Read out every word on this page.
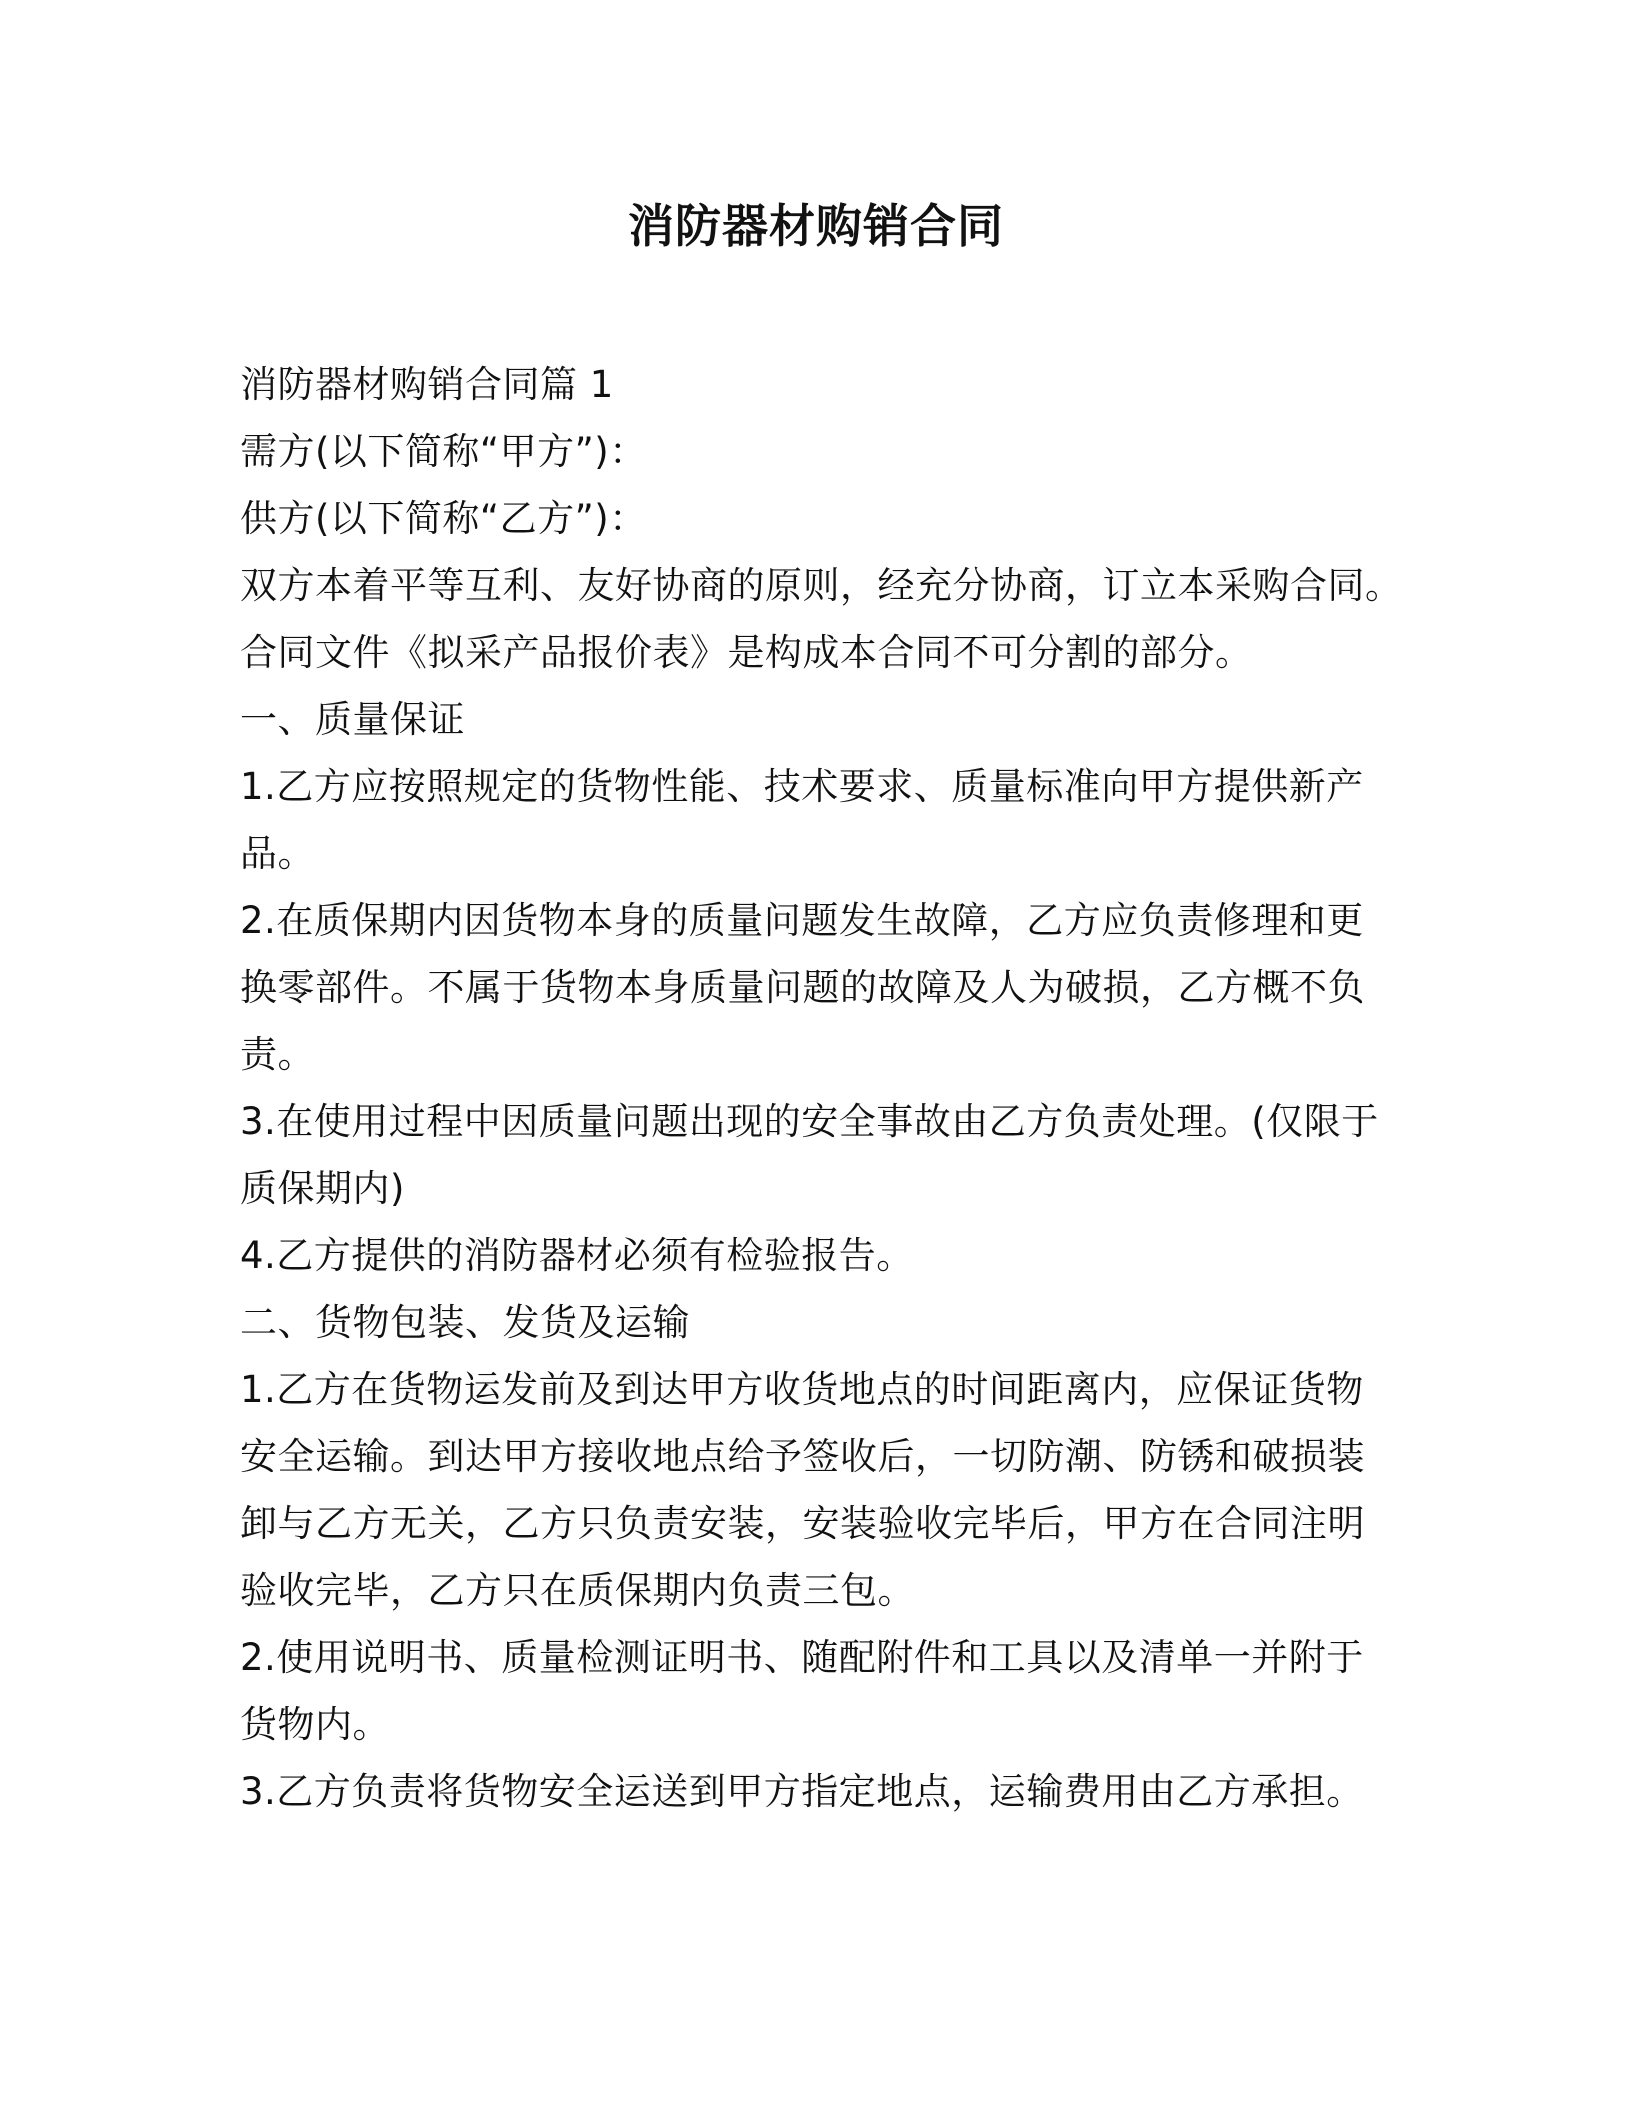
消防器材购销合同
消防器材购销合同篇 1
需方(以下简称“甲方”)：
供方(以下简称“乙方”)：
双方本着平等互利、友好协商的原则，经充分协商，订立本采购合同。
合同文件《拟采产品报价表》是构成本合同不可分割的部分。
一、质量保证
1.乙方应按照规定的货物性能、技术要求、质量标准向甲方提供新产
品。
2.在质保期内因货物本身的质量问题发生故障，乙方应负责修理和更
换零部件。不属于货物本身质量问题的故障及人为破损，乙方概不负
责。
3.在使用过程中因质量问题出现的安全事故由乙方负责处理。(仅限于
质保期内)
4.乙方提供的消防器材必须有检验报告。
二、货物包装、发货及运输
1.乙方在货物运发前及到达甲方收货地点的时间距离内，应保证货物
安全运输。到达甲方接收地点给予签收后，一切防潮、防锈和破损装
卸与乙方无关，乙方只负责安装，安装验收完毕后，甲方在合同注明
验收完毕，乙方只在质保期内负责三包。
2.使用说明书、质量检测证明书、随配附件和工具以及清单一并附于
货物内。
3.乙方负责将货物安全运送到甲方指定地点，运输费用由乙方承担。
